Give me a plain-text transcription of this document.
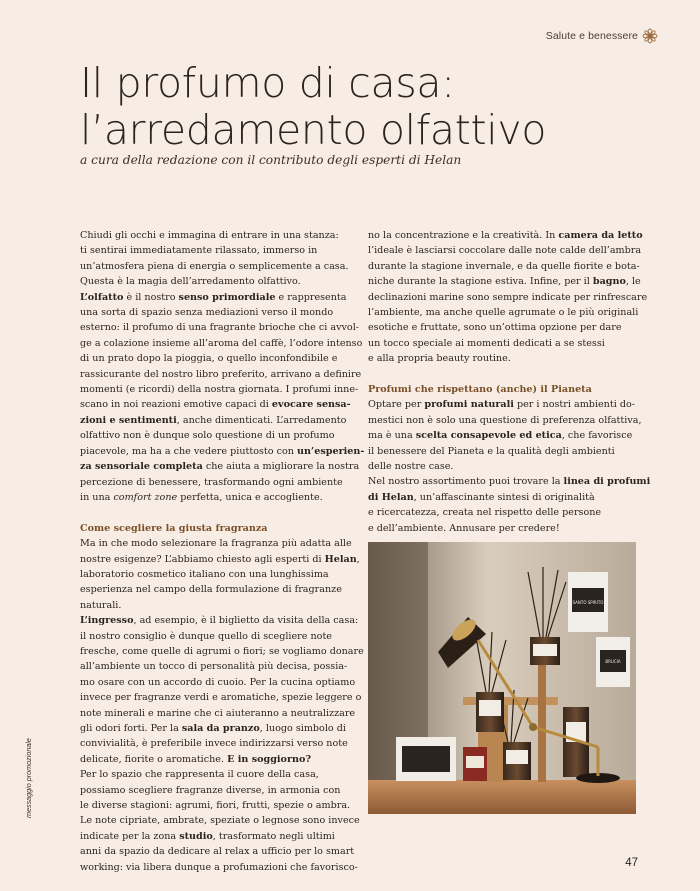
Salute e benessere
Il profumo di casa:
l’arredamento olfattivo

a cura della redazione con il contributo degli esperti di Helan

Chiudi gli occhi e immagina di entrare in una stanza:
ti sentirai immediatamente rilassato, immerso in
un’atmosfera piena di energia o semplicemente a casa.
Questa è la magia dell’arredamento olfattivo.
L’olfatto è il nostro senso primordiale e rappresenta
una sorta di spazio senza mediazioni verso il mondo
esterno: il profumo di una fragrante brioche che ci avvol-
ge a colazione insieme all’aroma del caffè, l’odore intenso
di un prato dopo la pioggia, o quello inconfondibile e
rassicurante del nostro libro preferito, arrivano a definire
momenti (e ricordi) della nostra giornata. I profumi inne-
scano in noi reazioni emotive capaci di evocare sensa-
zioni e sentimenti, anche dimenticati. L’arredamento
olfattivo non è dunque solo questione di un profumo
piacevole, ma ha a che vedere piuttosto con un’esperien-
za sensoriale completa che aiuta a migliorare la nostra
percezione di benessere, trasformando ogni ambiente
in una comfort zone perfetta, unica e accogliente.
Come scegliere la giusta fragranza
Ma in che modo selezionare la fragranza più adatta alle
nostre esigenze? L’abbiamo chiesto agli esperti di Helan,
laboratorio cosmetico italiano con una lunghissima
esperienza nel campo della formulazione di fragranze
naturali.
L’ingresso, ad esempio, è il biglietto da visita della casa:
il nostro consiglio è dunque quello di scegliere note
fresche, come quelle di agrumi o fiori; se vogliamo donare
all’ambiente un tocco di personalità più decisa, possia-
mo osare con un accordo di cuoio. Per la cucina optiamo
invece per fragranze verdi e aromatiche, spezie leggere o
note minerali e marine che ci aiuteranno a neutralizzare
gli odori forti. Per la sala da pranzo, luogo simbolo di
convivialità, è preferibile invece indirizzarsi verso note
delicate, fiorite o aromatiche. E in soggiorno?
Per lo spazio che rappresenta il cuore della casa,
possiamo scegliere fragranze diverse, in armonia con
le diverse stagioni: agrumi, fiori, frutti, spezie o ambra.
Le note cipriate, ambrate, speziate o legnose sono invece
indicate per la zona studio, trasformato negli ultimi
anni da spazio da dedicare al relax a ufficio per lo smart
working: via libera dunque a profumazioni che favorisco-
no la concentrazione e la creatività. In camera da letto
l’ideale è lasciarsi coccolare dalle note calde dell’ambra
durante la stagione invernale, e da quelle fiorite e bota-
niche durante la stagione estiva. Infine, per il bagno, le
declinazioni marine sono sempre indicate per rinfrescare
l’ambiente, ma anche quelle agrumate o le più originali
esotiche e fruttate, sono un’ottima opzione per dare
un tocco speciale ai momenti dedicati a se stessi
e alla propria beauty routine.
Profumi che rispettano (anche) il Pianeta
Optare per profumi naturali per i nostri ambienti do-
mestici non è solo una questione di preferenza olfattiva,
ma è una scelta consapevole ed etica, che favorisce
il benessere del Pianeta e la qualità degli ambienti
delle nostre case.
Nel nostro assortimento puoi trovare la linea di profumi
di Helan, un’affascinante sintesi di originalità
e ricercatezza, creata nel rispetto delle persone
e dell’ambiente. Annusare per credere!
SANTO SPIRITO
BRUCIA
messaggio promozionale
47
